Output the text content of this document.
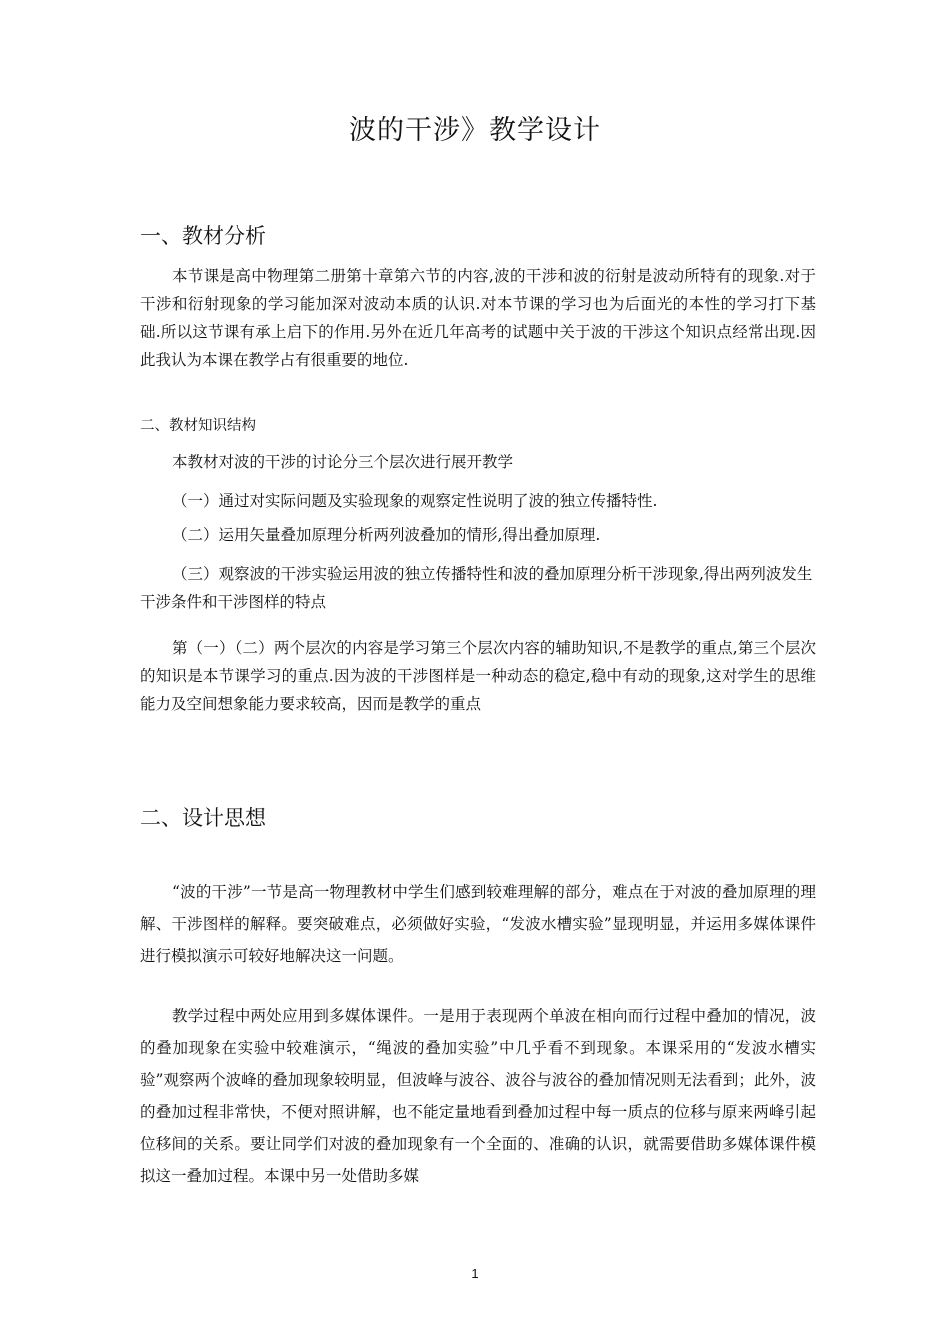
波的干涉》教学设计
一、教材分析

本节课是高中物理第二册第十章第六节的内容,波的干涉和波的衍射是波动所特有的现象.对于干涉和衍射现象的学习能加深对波动本质的认识.对本节课的学习也为后面光的本性的学习打下基础.所以这节课有承上启下的作用.另外在近几年高考的试题中关于波的干涉这个知识点经常出现.因此我认为本课在教学占有很重要的地位.

二、教材知识结构

本教材对波的干涉的讨论分三个层次进行展开教学

（一）通过对实际问题及实验现象的观察定性说明了波的独立传播特性.

（二）运用矢量叠加原理分析两列波叠加的情形,得出叠加原理.

（三）观察波的干涉实验运用波的独立传播特性和波的叠加原理分析干涉现象,得出两列波发生干涉条件和干涉图样的特点

第（一）（二）两个层次的内容是学习第三个层次内容的辅助知识,不是教学的重点,第三个层次的知识是本节课学习的重点.因为波的干涉图样是一种动态的稳定,稳中有动的现象,这对学生的思维能力及空间想象能力要求较高，因而是教学的重点

二、设计思想

“波的干涉”一节是高一物理教材中学生们感到较难理解的部分，难点在于对波的叠加原理的理解、干涉图样的解释。要突破难点，必须做好实验，“发波水槽实验”显现明显，并运用多媒体课件进行模拟演示可较好地解决这一问题。

教学过程中两处应用到多媒体课件。一是用于表现两个单波在相向而行过程中叠加的情况，波的叠加现象在实验中较难演示，“绳波的叠加实验”中几乎看不到现象。本课采用的“发波水槽实验”观察两个波峰的叠加现象较明显，但波峰与波谷、波谷与波谷的叠加情况则无法看到；此外，波的叠加过程非常快，不便对照讲解，也不能定量地看到叠加过程中每一质点的位移与原来两峰引起位移间的关系。要让同学们对波的叠加现象有一个全面的、准确的认识，就需要借助多媒体课件模拟这一叠加过程。本课中另一处借助多媒

1
